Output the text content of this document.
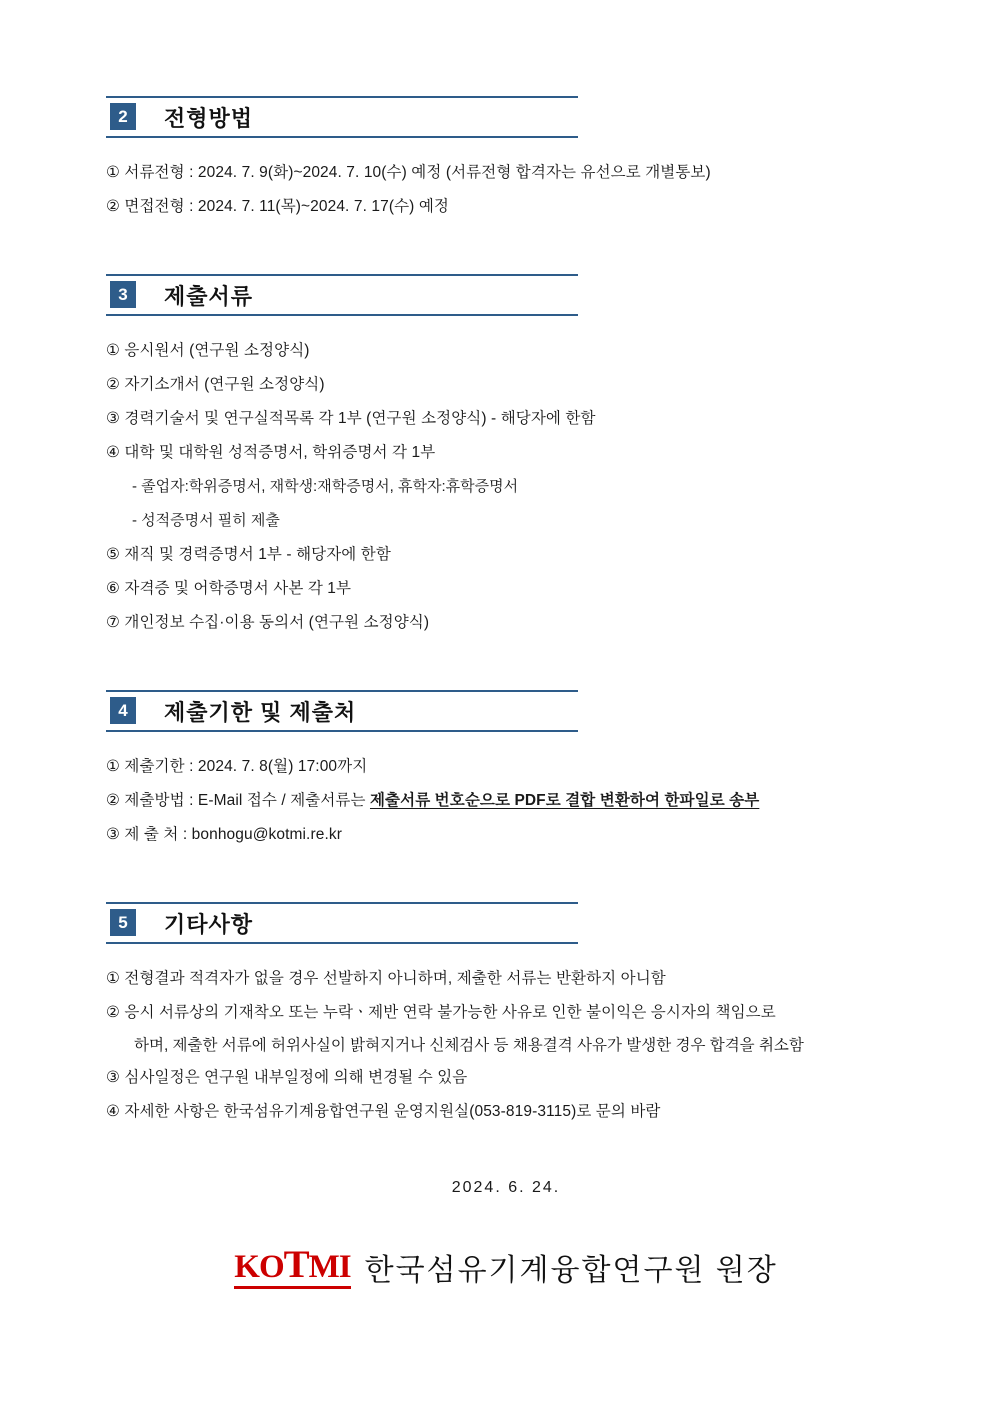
2	전형방법
① 서류전형 : 2024. 7. 9(화)~2024. 7. 10(수) 예정 (서류전형 합격자는 유선으로 개별통보)
② 면접전형 : 2024. 7. 11(목)~2024. 7. 17(수) 예정
3	제출서류
① 응시원서 (연구원 소정양식)
② 자기소개서 (연구원 소정양식)
③ 경력기술서 및 연구실적목록 각 1부 (연구원 소정양식) - 해당자에 한함
④ 대학 및 대학원 성적증명서, 학위증명서 각 1부
- 졸업자:학위증명서, 재학생:재학증명서, 휴학자:휴학증명서
- 성적증명서 필히 제출
⑤ 재직 및 경력증명서 1부 - 해당자에 한함
⑥ 자격증 및 어학증명서 사본 각 1부
⑦ 개인정보 수집·이용 동의서 (연구원 소정양식)
4	제출기한 및 제출처
① 제출기한 : 2024. 7. 8(월) 17:00까지
② 제출방법 : E-Mail 접수 / 제출서류는 제출서류 번호순으로 PDF로 결합 변환하여 한파일로 송부
③ 제 출 처 : bonhogu@kotmi.re.kr
5	기타사항
① 전형결과 적격자가 없을 경우 선발하지 아니하며, 제출한 서류는 반환하지 아니함
② 응시 서류상의 기재착오 또는 누락ㆍ제반 연락 불가능한 사유로 인한 불이익은 응시자의 책임으로
하며, 제출한 서류에 허위사실이 밝혀지거나 신체검사 등 채용결격 사유가 발생한 경우 합격을 취소함
③ 심사일정은 연구원 내부일정에 의해 변경될 수 있음
④ 자세한 사항은 한국섬유기계융합연구원 운영지원실(053-819-3115)로 문의 바람
2024. 6. 24.
KOTMI 한국섬유기계융합연구원 원장
